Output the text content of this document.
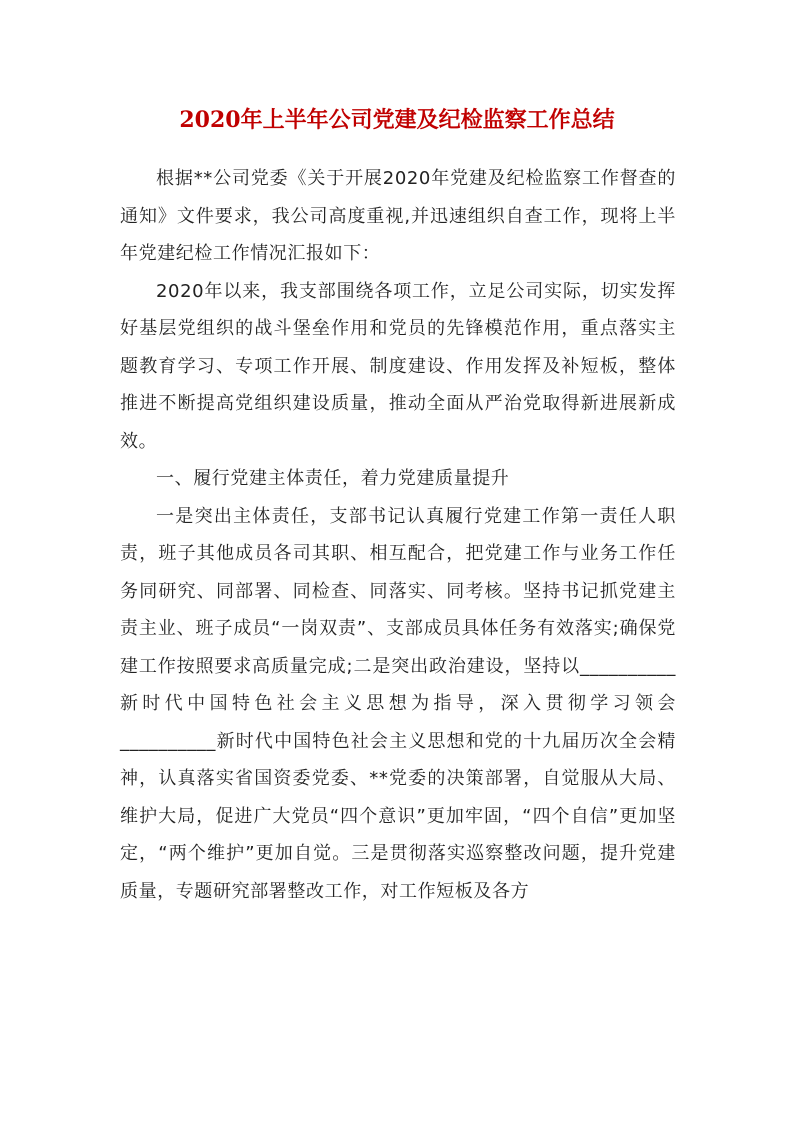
2020年上半年公司党建及纪检监察工作总结

根据**公司党委《关于开展2020年党建及纪检监察工作督查的通知》文件要求，我公司高度重视,并迅速组织自查工作，现将上半年党建纪检工作情况汇报如下：

2020年以来，我支部围绕各项工作，立足公司实际，切实发挥好基层党组织的战斗堡垒作用和党员的先锋模范作用，重点落实主题教育学习、专项工作开展、制度建设、作用发挥及补短板，整体推进不断提高党组织建设质量，推动全面从严治党取得新进展新成效。

一、履行党建主体责任，着力党建质量提升

一是突出主体责任，支部书记认真履行党建工作第一责任人职责，班子其他成员各司其职、相互配合，把党建工作与业务工作任务同研究、同部署、同检查、同落实、同考核。坚持书记抓党建主责主业、班子成员“一岗双责”、支部成员具体任务有效落实;确保党建工作按照要求高质量完成;二是突出政治建设，坚持以__________新时代中国特色社会主义思想为指导，深入贯彻学习领会__________新时代中国特色社会主义思想和党的十九届历次全会精神，认真落实省国资委党委、**党委的决策部署，自觉服从大局、维护大局，促进广大党员“四个意识”更加牢固，“四个自信”更加坚定，“两个维护”更加自觉。三是贯彻落实巡察整改问题，提升党建质量，专题研究部署整改工作，对工作短板及各方
